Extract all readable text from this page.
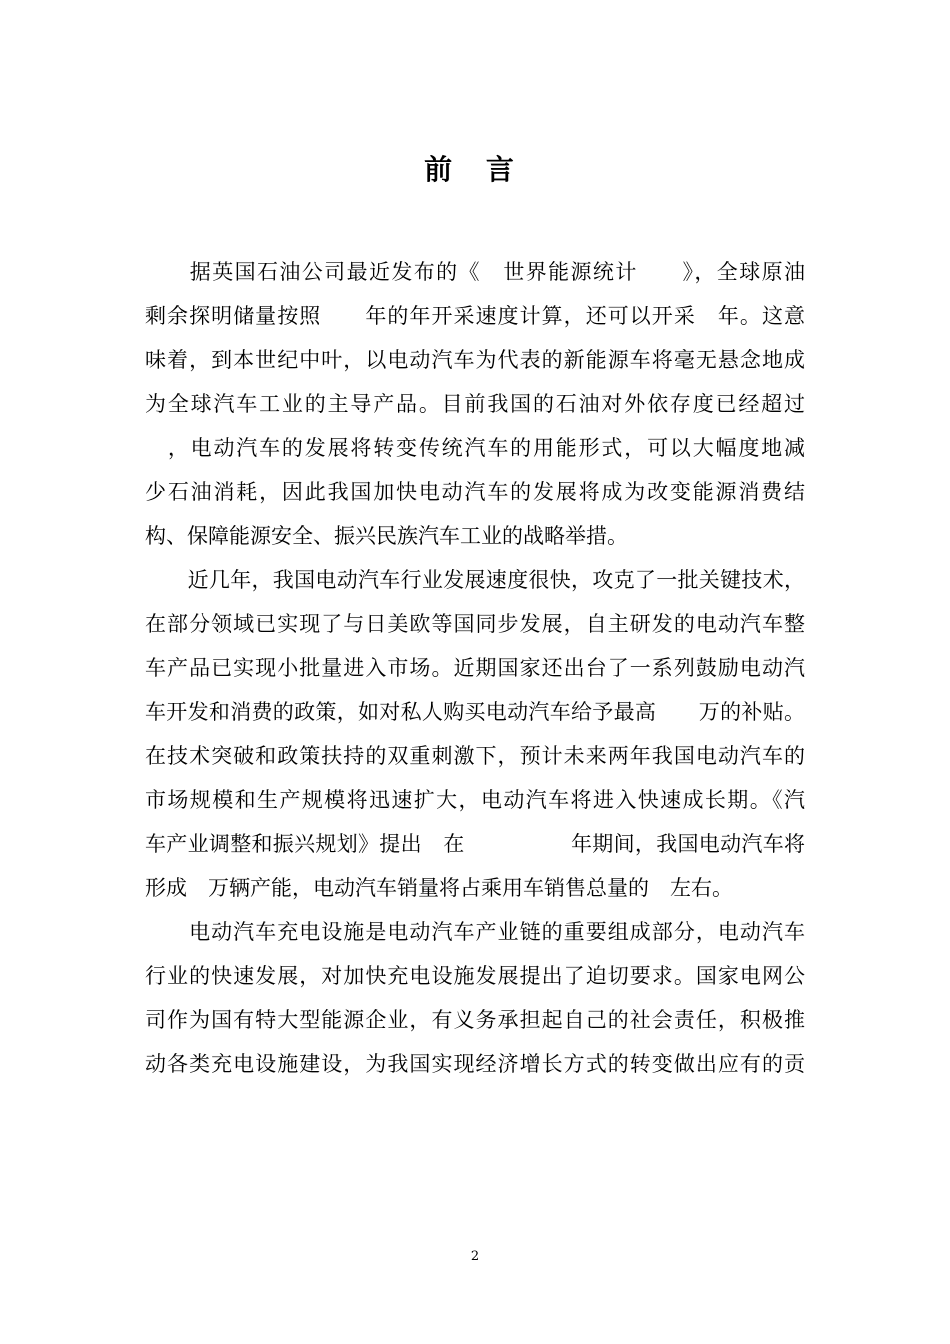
前 言
　　据英国石油公司最近发布的《　世界能源统计　　》，全球原油
剩余探明储量按照　　年的年开采速度计算，还可以开采　年。这意
味着，到本世纪中叶，以电动汽车为代表的新能源车将毫无悬念地成
为全球汽车工业的主导产品。目前我国的石油对外依存度已经超过
　，电动汽车的发展将转变传统汽车的用能形式，可以大幅度地减
少石油消耗，因此我国加快电动汽车的发展将成为改变能源消费结
构、保障能源安全、振兴民族汽车工业的战略举措。
　　近几年，我国电动汽车行业发展速度很快，攻克了一批关键技术，
在部分领域已实现了与日美欧等国同步发展，自主研发的电动汽车整
车产品已实现小批量进入市场。近期国家还出台了一系列鼓励电动汽
车开发和消费的政策，如对私人购买电动汽车给予最高　　万的补贴。
在技术突破和政策扶持的双重刺激下，预计未来两年我国电动汽车的
市场规模和生产规模将迅速扩大，电动汽车将进入快速成长期。《汽
车产业调整和振兴规划》提出　在　　　　　年期间，我国电动汽车将
形成　万辆产能，电动汽车销量将占乘用车销售总量的　左右。
　　电动汽车充电设施是电动汽车产业链的重要组成部分，电动汽车
行业的快速发展，对加快充电设施发展提出了迫切要求。国家电网公
司作为国有特大型能源企业，有义务承担起自己的社会责任，积极推
动各类充电设施建设，为我国实现经济增长方式的转变做出应有的贡
2
